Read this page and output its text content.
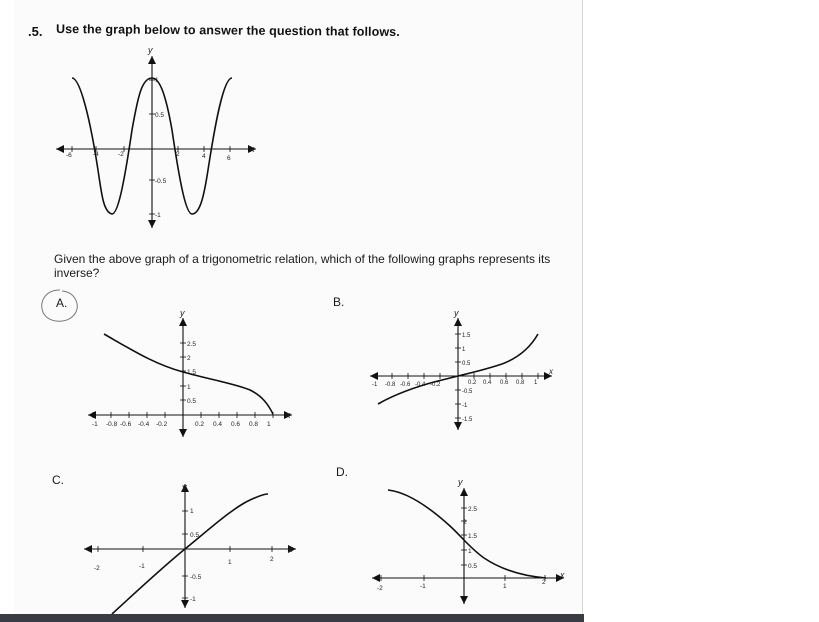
.5. Use the graph below to answer the question that follows.
Given the above graph of a trigonometric relation, which of the following graphs represents its inverse?
A.	B.
C.
D.
y
x
-6	-4	-2	2	4	6
1
0.5
-0.5
-1
y
x
-1 -0.8 -0.6 -0.4 -0.2	0.2 0.4 0.6 0.8 1
2.5
2
1.5
1
0.5
y
x
-1 -0.8 -0.6 -0.4 -0.2	0.2 0.4 0.6 0.8 1
1.5
1
0.5
-0.5
-1
-1.5
y
x
-2	-1
1	2
1
0.5
-0.5
-1
y
x
-2	-1	1
2
2.5
2
1.5
1
0.5
